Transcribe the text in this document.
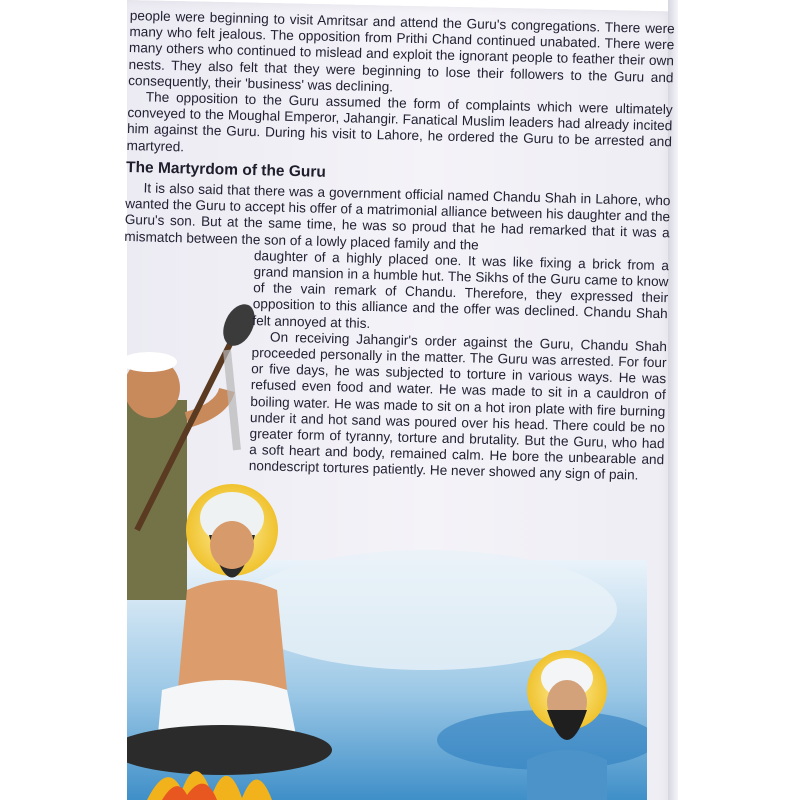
people were beginning to visit Amritsar and attend the Guru's congregations. There were many who felt jealous. The opposition from Prithi Chand continued unabated. There were many others who continued to mislead and exploit the ignorant people to feather their own nests. They also felt that they were beginning to lose their followers to the Guru and consequently, their 'business' was declining.

The opposition to the Guru assumed the form of complaints which were ultimately conveyed to the Moughal Emperor, Jahangir. Fanatical Muslim leaders had already incited him against the Guru. During his visit to Lahore, he ordered the Guru to be arrested and martyred.

The Martyrdom of the Guru

It is also said that there was a government official named Chandu Shah in Lahore, who wanted the Guru to accept his offer of a matrimonial alliance between his daughter and the Guru's son. But at the same time, he was so proud that he had remarked that it was a mismatch between the son of a lowly placed family and the

daughter of a highly placed one. It was like fixing a brick from a grand mansion in a humble hut. The Sikhs of the Guru came to know of the vain remark of Chandu. Therefore, they expressed their opposition to this alliance and the offer was declined. Chandu Shah felt annoyed at this.

On receiving Jahangir's order against the Guru, Chandu Shah proceeded personally in the matter. The Guru was arrested. For four or five days, he was subjected to torture in various ways. He was refused even food and water. He was made to sit in a cauldron of boiling water. He was made to sit on a hot iron plate with fire burning under it and hot sand was poured over his head. There could be no greater form of tyranny, torture and brutality. But the Guru, who had a soft heart and body, remained calm. He bore the unbearable and nondescript tortures patiently. He never showed any sign of pain.
